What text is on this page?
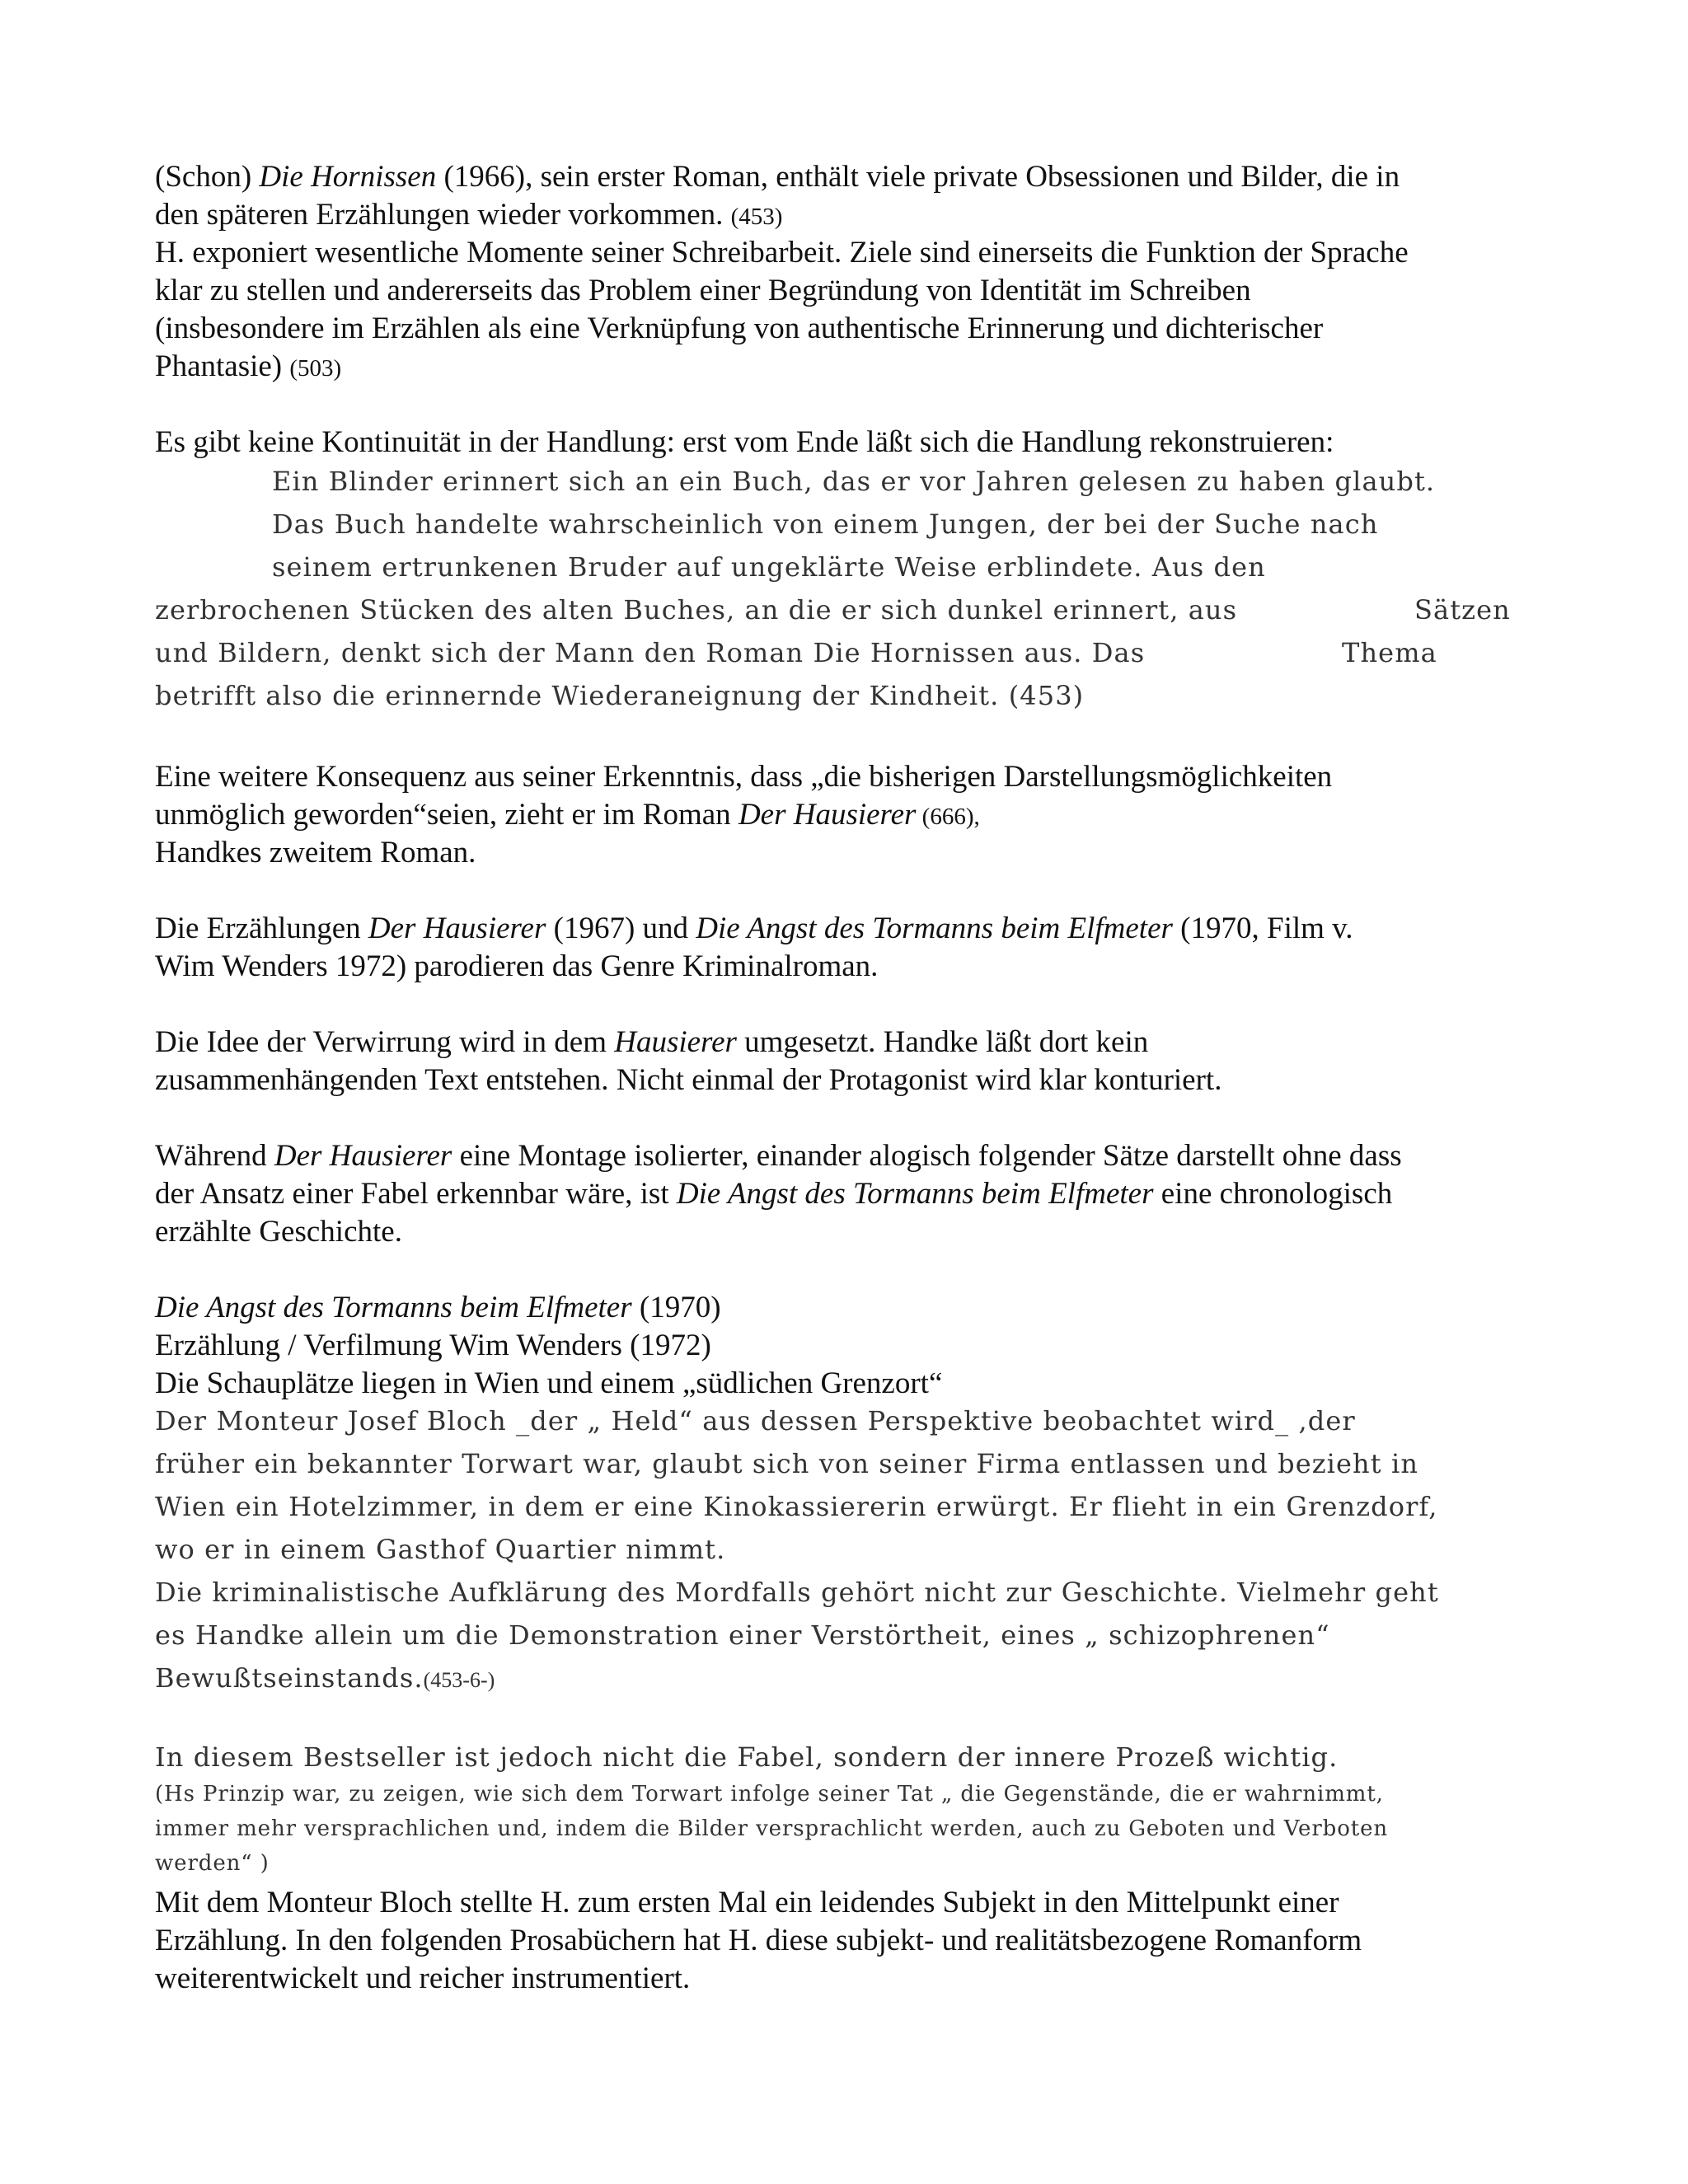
(Schon) Die Hornissen (1966), sein erster Roman, enthält viele private Obsessionen und Bilder, die in
den späteren Erzählungen wieder vorkommen. (453)
H. exponiert wesentliche Momente seiner Schreibarbeit. Ziele sind einerseits die Funktion der Sprache
klar zu stellen und andererseits das Problem einer Begründung von Identität im Schreiben
(insbesondere im Erzählen als eine Verknüpfung von authentische Erinnerung und dichterischer
Phantasie) (503)
Es gibt keine Kontinuität in der Handlung: erst vom Ende läßt sich die Handlung rekonstruieren:
Ein Blinder erinnert sich an ein Buch, das er vor Jahren gelesen zu haben glaubt.
Das Buch handelte wahrscheinlich von einem Jungen, der bei der Suche nach
seinem ertrunkenen Bruder auf ungeklärte Weise erblindete. Aus den
zerbrochenen Stücken des alten Buches, an die er sich dunkel erinnert, aus	Sätzen
und Bildern, denkt sich der Mann den Roman Die Hornissen aus. Das	Thema
betrifft also die erinnernde Wiederaneignung der Kindheit. (453)
Eine weitere Konsequenz aus seiner Erkenntnis, dass „die bisherigen Darstellungsmöglichkeiten
unmöglich geworden“seien, zieht er im Roman Der Hausierer (666),
Handkes zweitem Roman.
Die Erzählungen Der Hausierer (1967) und Die Angst des Tormanns beim Elfmeter (1970, Film v.
Wim Wenders 1972) parodieren das Genre Kriminalroman.
Die Idee der Verwirrung wird in dem Hausierer umgesetzt. Handke läßt dort kein
zusammenhängenden Text entstehen. Nicht einmal der Protagonist wird klar konturiert.
Während Der Hausierer eine Montage isolierter, einander alogisch folgender Sätze darstellt ohne dass
der Ansatz einer Fabel erkennbar wäre, ist Die Angst des Tormanns beim Elfmeter eine chronologisch
erzählte Geschichte.
Die Angst des Tormanns beim Elfmeter (1970)
Erzählung / Verfilmung Wim Wenders (1972)
Die Schauplätze liegen in Wien und einem „südlichen Grenzort“
Der Monteur Josef Bloch _der „ Held“ aus dessen Perspektive beobachtet wird_ ,der
früher ein bekannter Torwart war, glaubt sich von seiner Firma entlassen und bezieht in
Wien ein Hotelzimmer, in dem er eine Kinokassiererin erwürgt. Er flieht in ein Grenzdorf,
wo er in einem Gasthof Quartier nimmt.
Die kriminalistische Aufklärung des Mordfalls gehört nicht zur Geschichte. Vielmehr geht
es Handke allein um die Demonstration einer Verstörtheit, eines „ schizophrenen“
Bewußtseinstands.(453-6-)
In diesem Bestseller ist jedoch nicht die Fabel, sondern der innere Prozeß wichtig.
(Hs Prinzip war, zu zeigen, wie sich dem Torwart infolge seiner Tat „ die Gegenstände, die er wahrnimmt,
immer mehr versprachlichen und, indem die Bilder versprachlicht werden, auch zu Geboten und Verboten
werden“ )
Mit dem Monteur Bloch stellte H. zum ersten Mal ein leidendes Subjekt in den Mittelpunkt einer
Erzählung. In den folgenden Prosabüchern hat H. diese subjekt- und realitätsbezogene Romanform
weiterentwickelt und reicher instrumentiert.
